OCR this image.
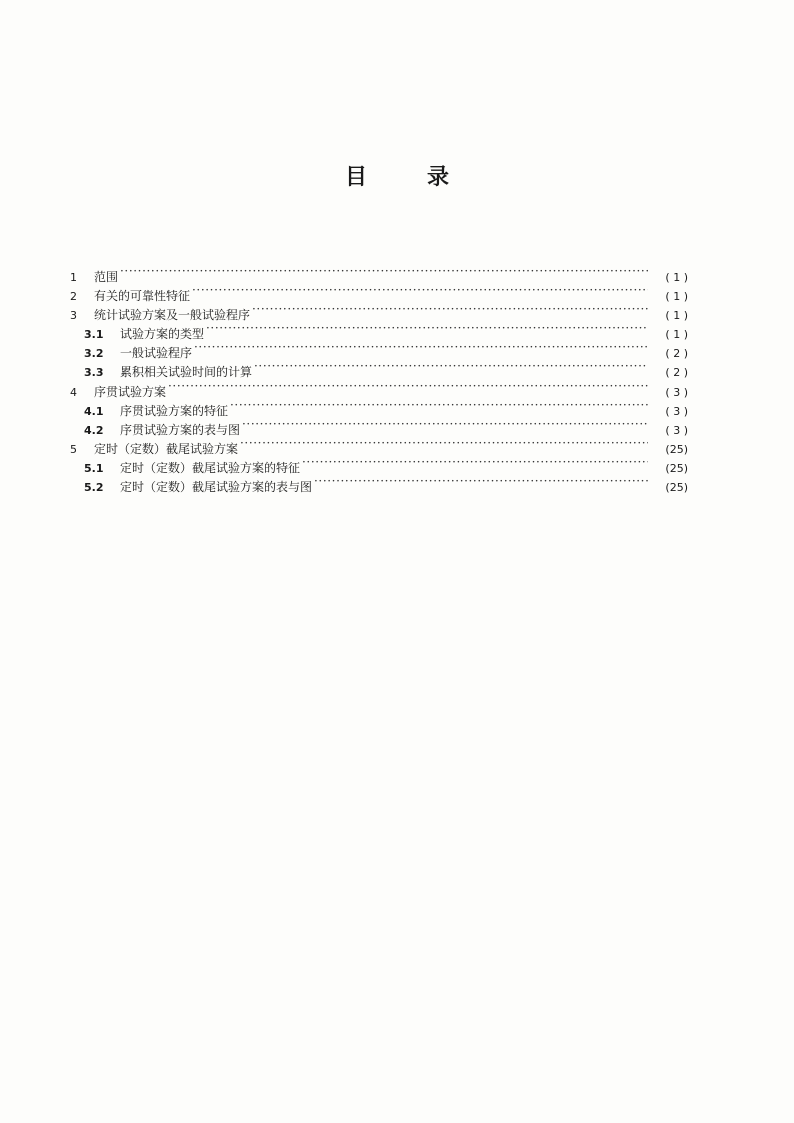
目	录
1	范围 ·····	( 1 )
2	有关的可靠性特征 ·····	( 1 )
3	统计试验方案及一般试验程序 ·····	( 1 )
3.1	试验方案的类型 ·····	( 1 )
3.2	一般试验程序 ·····	( 2 )
3.3	累积相关试验时间的计算 ·····	( 2 )
4	序贯试验方案 ·····	( 3 )
4.1	序贯试验方案的特征 ·····	( 3 )
4.2	序贯试验方案的表与图 ·····	( 3 )
5	定时（定数）截尾试验方案 ·····	(25)
5.1	定时（定数）截尾试验方案的特征 ·····	(25)
5.2	定时（定数）截尾试验方案的表与图 ·····	(25)
